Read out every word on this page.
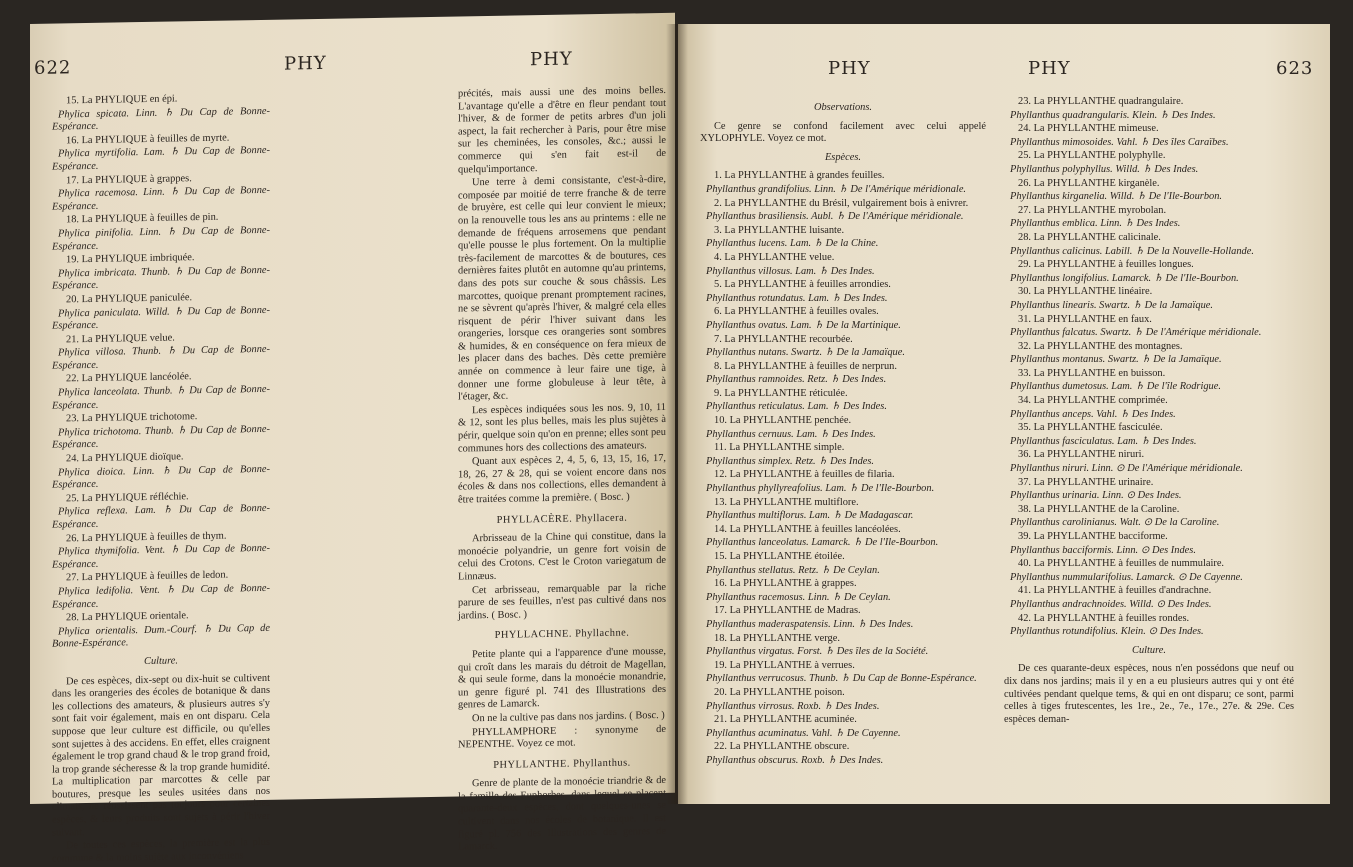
622	PHY	PHY

15. La PHYLIQUE en épi.

Phylica spicata. Linn. ♄ Du Cap de Bonne-Espérance.

16. La PHYLIQUE à feuilles de myrte.

Phylica myrtifolia. Lam. ♄ Du Cap de Bonne-Espérance.

17. La PHYLIQUE à grappes.

Phylica racemosa. Linn. ♄ Du Cap de Bonne-Espérance.

18. La PHYLIQUE à feuilles de pin.

Phylica pinifolia. Linn. ♄ Du Cap de Bonne-Espérance.

19. La PHYLIQUE imbriquée.

Phylica imbricata. Thunb. ♄ Du Cap de Bonne-Espérance.

20. La PHYLIQUE paniculée.

Phylica paniculata. Willd. ♄ Du Cap de Bonne-Espérance.

21. La PHYLIQUE velue.

Phylica villosa. Thunb. ♄ Du Cap de Bonne-Espérance.

22. La PHYLIQUE lancéolée.

Phylica lanceolata. Thunb. ♄ Du Cap de Bonne-Espérance.

23. La PHYLIQUE trichotome.

Phylica trichotoma. Thunb. ♄ Du Cap de Bonne-Espérance.

24. La PHYLIQUE dioïque.

Phylica dioica. Linn. ♄ Du Cap de Bonne-Espérance.

25. La PHYLIQUE réfléchie.

Phylica reflexa. Lam. ♄ Du Cap de Bonne-Espérance.

26. La PHYLIQUE à feuilles de thym.

Phylica thymifolia. Vent. ♄ Du Cap de Bonne-Espérance.

27. La PHYLIQUE à feuilles de ledon.

Phylica ledifolia. Vent. ♄ Du Cap de Bonne-Espérance.

28. La PHYLIQUE orientale.

Phylica orientalis. Dum.-Courf. ♄ Du Cap de Bonne-Espérance.

Culture.

De ces espèces, dix-sept ou dix-huit se cultivent dans les orangeries des écoles de botanique & dans les collections des amateurs, & plusieurs autres s'y sont fait voir également, mais en ont disparu. Cela suppose que leur culture est difficile, ou qu'elles sont sujettes à des accidens. En effet, elles craignent également le trop grand chaud & le trop grand froid, la trop grande sécheresse & la trop grande humidité. La multiplication par marcottes & celle par boutures, presque les seules usitées dans nos climats, ne réussissent pas toujours pour certaines espèces, & leurs produits sont sujets à périr l'hiver suivant.

De toutes ces espèces, la première est la plus commune & la moins sujète aux inconvéniens

précités, mais aussi une des moins belles. L'avantage qu'elle a d'être en fleur pendant tout l'hiver, & de former de petits arbres d'un joli aspect, la fait rechercher à Paris, pour être mise sur les cheminées, les consoles, &c.; aussi le commerce qui s'en fait est-il de quelqu'importance.

Une terre à demi consistante, c'est-à-dire, composée par moitié de terre franche & de terre de bruyère, est celle qui leur convient le mieux; on la renouvelle tous les ans au printems : elle ne demande de fréquens arrosemens que pendant qu'elle pousse le plus fortement. On la multiplie très-facilement de marcottes & de boutures, ces dernières faites plutôt en automne qu'au printems, dans des pots sur couche & sous châssis. Les marcottes, quoique prenant promptement racines, ne se sèvrent qu'après l'hiver, & malgré cela elles risquent de périr l'hiver suivant dans les orangeries, lorsque ces orangeries sont sombres & humides, & en conséquence on fera mieux de les placer dans des baches. Dès cette première année on commence à leur faire une tige, à donner une forme globuleuse à leur tête, à l'étager, &c.

Les espèces indiquées sous les nos. 9, 10, 11 & 12, sont les plus belles, mais les plus sujètes à périr, quelque soin qu'on en prenne; elles sont peu communes hors des collections des amateurs.

Quant aux espèces 2, 4, 5, 6, 13, 15, 16, 17, 18, 26, 27 & 28, qui se voient encore dans nos écoles & dans nos collections, elles demandent à être traitées comme la première. ( Bosc. )

PHYLLACÈRE. Phyllacera.

Arbrisseau de la Chine qui constitue, dans la monoécie polyandrie, un genre fort voisin de celui des Crotons. C'est le Croton variegatum de Linnæus.

Cet arbrisseau, remarquable par la riche parure de ses feuilles, n'est pas cultivé dans nos jardins. ( Bosc. )

PHYLLACHNE. Phyllachne.

Petite plante qui a l'apparence d'une mousse, qui croît dans les marais du détroit de Magellan, & qui seule forme, dans la monoécie monandrie, un genre figuré pl. 741 des Illustrations des genres de Lamarck.

On ne la cultive pas dans nos jardins. ( Bosc. )

PHYLLAMPHORE : synonyme de NEPENTHE. Voyez ce mot.

PHYLLANTHE. Phyllanthus.

Genre de plante de la monoécie triandrie & de la famille des Euphorbes, dans lequel se placent quarante-deux espèces, dont quelques-unes se cultivent dans nos écoles de botanique. Il est figuré pl. 756 des Illustrations des genres de Lamarck.

PHY	PHY	623

Observations.

Ce genre se confond facilement avec celui appelé XYLOPHYLE. Voyez ce mot.

Espèces.

1. La PHYLLANTHE à grandes feuilles.

Phyllanthus grandifolius. Linn. ♄ De l'Amérique méridionale.

2. La PHYLLANTHE du Brésil, vulgairement bois à enivrer.

Phyllanthus brasiliensis. Aubl. ♄ De l'Amérique méridionale.

3. La PHYLLANTHE luisante.

Phyllanthus lucens. Lam. ♄ De la Chine.

4. La PHYLLANTHE velue.

Phyllanthus villosus. Lam. ♄ Des Indes.

5. La PHYLLANTHE à feuilles arrondies.

Phyllanthus rotundatus. Lam. ♄ Des Indes.

6. La PHYLLANTHE à feuilles ovales.

Phyllanthus ovatus. Lam. ♄ De la Martinique.

7. La PHYLLANTHE recourbée.

Phyllanthus nutans. Swartz. ♄ De la Jamaïque.

8. La PHYLLANTHE à feuilles de nerprun.

Phyllanthus ramnoides. Retz. ♄ Des Indes.

9. La PHYLLANTHE réticulée.

Phyllanthus reticulatus. Lam. ♄ Des Indes.

10. La PHYLLANTHE penchée.

Phyllanthus cernuus. Lam. ♄ Des Indes.

11. La PHYLLANTHE simple.

Phyllanthus simplex. Retz. ♄ Des Indes.

12. La PHYLLANTHE à feuilles de filaria.

Phyllanthus phyllyreafolius. Lam. ♄ De l'Ile-Bourbon.

13. La PHYLLANTHE multiflore.

Phyllanthus multiflorus. Lam. ♄ De Madagascar.

14. La PHYLLANTHE à feuilles lancéolées.

Phyllanthus lanceolatus. Lamarck. ♄ De l'Ile-Bourbon.

15. La PHYLLANTHE étoilée.

Phyllanthus stellatus. Retz. ♄ De Ceylan.

16. La PHYLLANTHE à grappes.

Phyllanthus racemosus. Linn. ♄ De Ceylan.

17. La PHYLLANTHE de Madras.

Phyllanthus maderaspatensis. Linn. ♄ Des Indes.

18. La PHYLLANTHE verge.

Phyllanthus virgatus. Forst. ♄ Des îles de la Société.

19. La PHYLLANTHE à verrues.

Phyllanthus verrucosus. Thunb. ♄ Du Cap de Bonne-Espérance.

20. La PHYLLANTHE poison.

Phyllanthus virrosus. Roxb. ♄ Des Indes.

21. La PHYLLANTHE acuminée.

Phyllanthus acuminatus. Vahl. ♄ De Cayenne.

22. La PHYLLANTHE obscure.

Phyllanthus obscurus. Roxb. ♄ Des Indes.

23. La PHYLLANTHE quadrangulaire.

Phyllanthus quadrangularis. Klein. ♄ Des Indes.

24. La PHYLLANTHE mimeuse.

Phyllanthus mimosoides. Vahl. ♄ Des îles Caraïbes.

25. La PHYLLANTHE polyphylle.

Phyllanthus polyphyllus. Willd. ♄ Des Indes.

26. La PHYLLANTHE kirganèle.

Phyllanthus kirganelia. Willd. ♄ De l'Ile-Bourbon.

27. La PHYLLANTHE myrobolan.

Phyllanthus emblica. Linn. ♄ Des Indes.

28. La PHYLLANTHE calicinale.

Phyllanthus calicinus. Labill. ♄ De la Nouvelle-Hollande.

29. La PHYLLANTHE à feuilles longues.

Phyllanthus longifolius. Lamarck. ♄ De l'Ile-Bourbon.

30. La PHYLLANTHE linéaire.

Phyllanthus linearis. Swartz. ♄ De la Jamaïque.

31. La PHYLLANTHE en faux.

Phyllanthus falcatus. Swartz. ♄ De l'Amérique méridionale.

32. La PHYLLANTHE des montagnes.

Phyllanthus montanus. Swartz. ♄ De la Jamaïque.

33. La PHYLLANTHE en buisson.

Phyllanthus dumetosus. Lam. ♄ De l'île Rodrigue.

34. La PHYLLANTHE comprimée.

Phyllanthus anceps. Vahl. ♄ Des Indes.

35. La PHYLLANTHE fasciculée.

Phyllanthus fasciculatus. Lam. ♄ Des Indes.

36. La PHYLLANTHE niruri.

Phyllanthus niruri. Linn. ⊙ De l'Amérique méridionale.

37. La PHYLLANTHE urinaire.

Phyllanthus urinaria. Linn. ⊙ Des Indes.

38. La PHYLLANTHE de la Caroline.

Phyllanthus carolinianus. Walt. ⊙ De la Caroline.

39. La PHYLLANTHE bacciforme.

Phyllanthus bacciformis. Linn. ⊙ Des Indes.

40. La PHYLLANTHE à feuilles de nummulaire.

Phyllanthus nummularifolius. Lamarck. ⊙ De Cayenne.

41. La PHYLLANTHE à feuilles d'andrachne.

Phyllanthus andrachnoides. Willd. ⊙ Des Indes.

42. La PHYLLANTHE à feuilles rondes.

Phyllanthus rotundifolius. Klein. ⊙ Des Indes.

Culture.

De ces quarante-deux espèces, nous n'en possédons que neuf ou dix dans nos jardins; mais il y en a eu plusieurs autres qui y ont été cultivées pendant quelque tems, & qui en ont disparu; ce sont, parmi celles à tiges frutescentes, les 1re., 2e., 7e., 17e., 27e. & 29e. Ces espèces deman-
